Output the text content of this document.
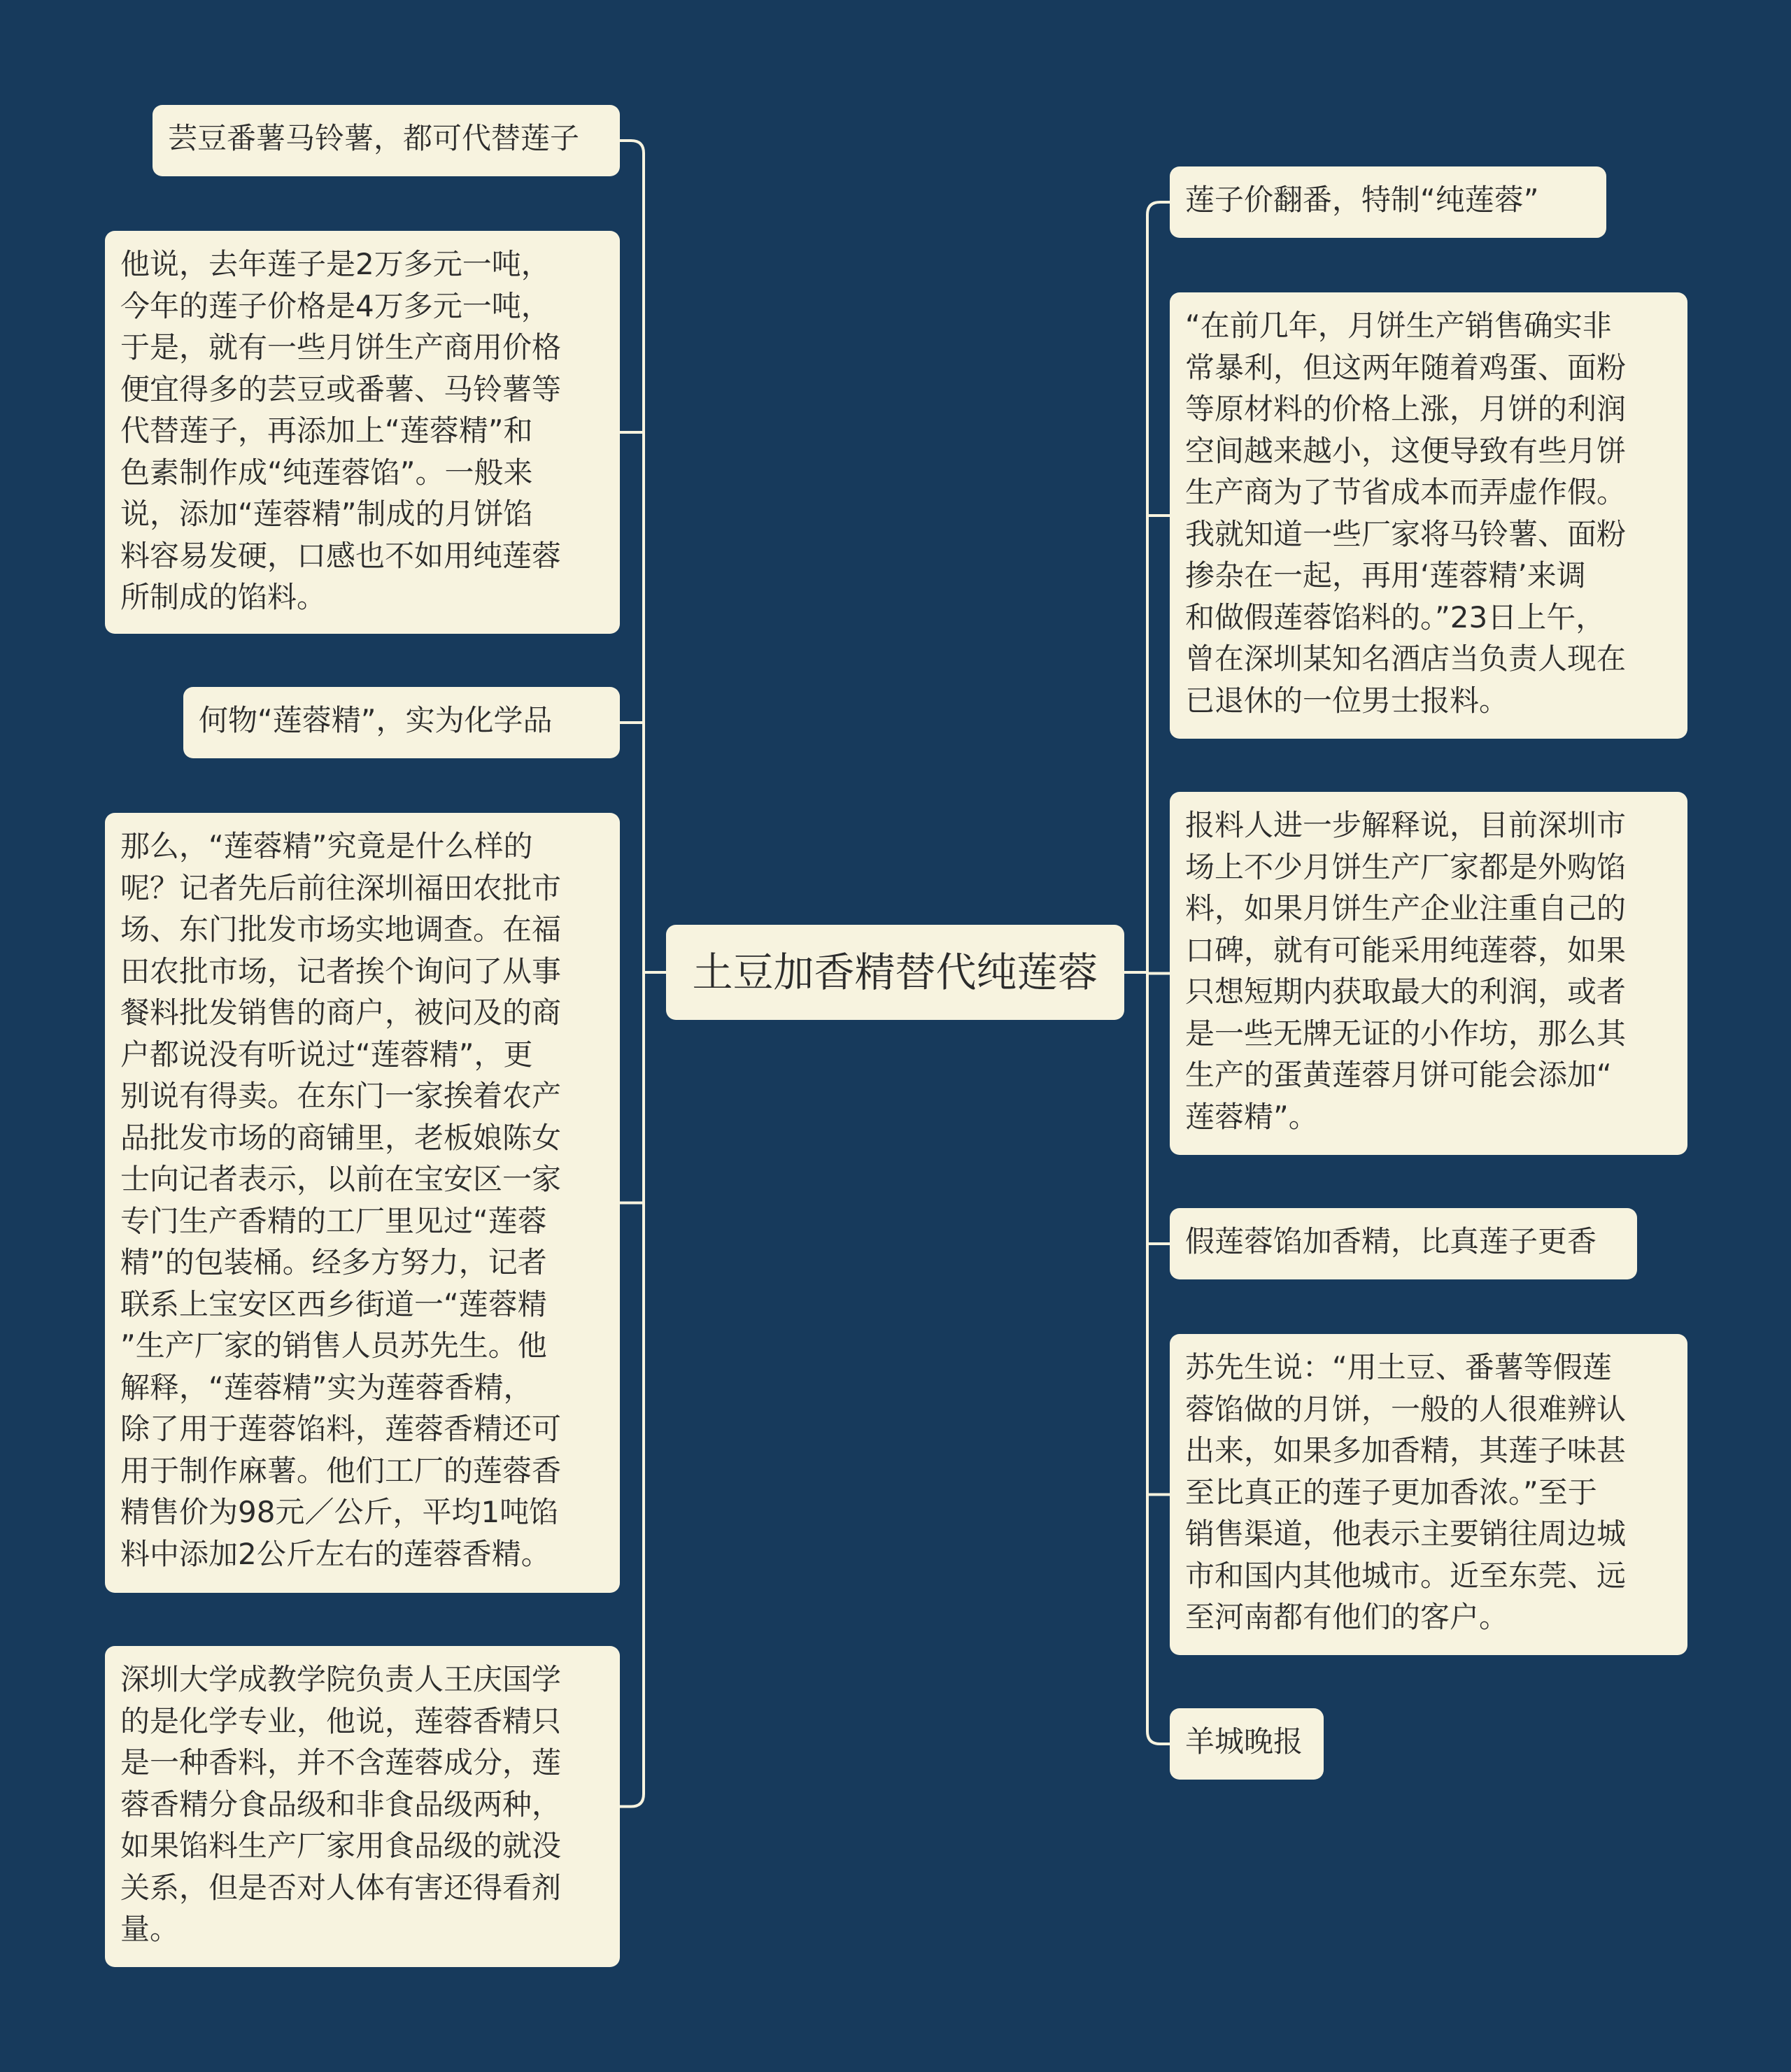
土豆加香精替代纯莲蓉
芸豆番薯马铃薯，都可代替莲子
他说，去年莲子是2万多元一吨，
今年的莲子价格是4万多元一吨，
于是，就有一些月饼生产商用价格
便宜得多的芸豆或番薯、马铃薯等
代替莲子，再添加上“莲蓉精”和
色素制作成“纯莲蓉馅”。一般来
说，添加“莲蓉精”制成的月饼馅
料容易发硬，口感也不如用纯莲蓉
所制成的馅料。
何物“莲蓉精”，实为化学品
那么，“莲蓉精”究竟是什么样的
呢？记者先后前往深圳福田农批市
场、东门批发市场实地调查。在福
田农批市场，记者挨个询问了从事
餐料批发销售的商户，被问及的商
户都说没有听说过“莲蓉精”，更
别说有得卖。在东门一家挨着农产
品批发市场的商铺里，老板娘陈女
士向记者表示，以前在宝安区一家
专门生产香精的工厂里见过“莲蓉
精”的包装桶。经多方努力，记者
联系上宝安区西乡街道一“莲蓉精
”生产厂家的销售人员苏先生。他
解释，“莲蓉精”实为莲蓉香精，
除了用于莲蓉馅料，莲蓉香精还可
用于制作麻薯。他们工厂的莲蓉香
精售价为98元／公斤，平均1吨馅
料中添加2公斤左右的莲蓉香精。
深圳大学成教学院负责人王庆国学
的是化学专业，他说，莲蓉香精只
是一种香料，并不含莲蓉成分，莲
蓉香精分食品级和非食品级两种，
如果馅料生产厂家用食品级的就没
关系，但是否对人体有害还得看剂
量。
莲子价翻番，特制“纯莲蓉”
“在前几年，月饼生产销售确实非
常暴利，但这两年随着鸡蛋、面粉
等原材料的价格上涨，月饼的利润
空间越来越小，这便导致有些月饼
生产商为了节省成本而弄虚作假。
我就知道一些厂家将马铃薯、面粉
掺杂在一起，再用‘莲蓉精’来调
和做假莲蓉馅料的。”23日上午，
曾在深圳某知名酒店当负责人现在
已退休的一位男士报料。
报料人进一步解释说，目前深圳市
场上不少月饼生产厂家都是外购馅
料，如果月饼生产企业注重自己的
口碑，就有可能采用纯莲蓉，如果
只想短期内获取最大的利润，或者
是一些无牌无证的小作坊，那么其
生产的蛋黄莲蓉月饼可能会添加“
莲蓉精”。
假莲蓉馅加香精，比真莲子更香
苏先生说：“用土豆、番薯等假莲
蓉馅做的月饼，一般的人很难辨认
出来，如果多加香精，其莲子味甚
至比真正的莲子更加香浓。”至于
销售渠道，他表示主要销往周边城
市和国内其他城市。近至东莞、远
至河南都有他们的客户。
羊城晚报
